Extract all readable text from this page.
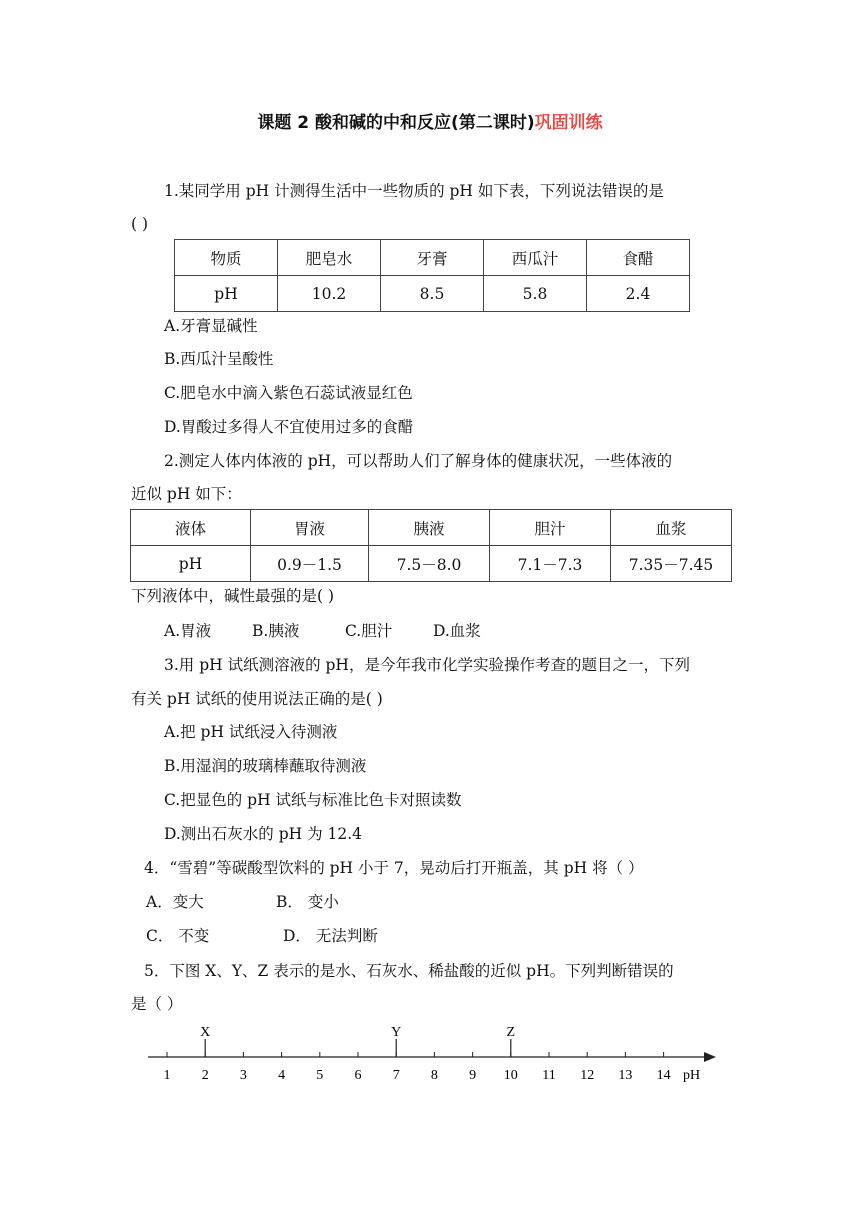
课题 2 酸和碱的中和反应(第二课时)巩固训练
1.某同学用 pH 计测得生活中一些物质的 pH 如下表，下列说法错误的是
( )
物质	肥皂水	牙膏	西瓜汁	食醋
pH	10.2	8.5	5.8	2.4
A.牙膏显碱性
B.西瓜汁呈酸性
C.肥皂水中滴入紫色石蕊试液显红色
D.胃酸过多得人不宜使用过多的食醋
2.测定人体内体液的 pH，可以帮助人们了解身体的健康状况，一些体液的
近似 pH 如下：
液体	胃液	胰液	胆汁	血浆
pH	0.9－1.5	7.5－8.0	7.1－7.3	7.35－7.45
下列液体中，碱性最强的是( )
A.胃液	B.胰液	C.胆汁	D.血浆
3.用 pH 试纸测溶液的 pH，是今年我市化学实验操作考查的题目之一，下列
有关 pH 试纸的使用说法正确的是( )
A.把 pH 试纸浸入待测液
B.用湿润的玻璃棒蘸取待测液
C.把显色的 pH 试纸与标准比色卡对照读数
D.测出石灰水的 pH 为 12.4
4．“雪碧”等碳酸型饮料的 pH 小于 7，晃动后打开瓶盖，其 pH 将（ ）
A．变大	B． 变小
C． 不变	D． 无法判断
5．下图 X、Y、Z 表示的是水、石灰水、稀盐酸的近似 pH。下列判断错误的
是（ ）
1 2 3 4 5 6 7 8 9 10 11 12 13 14
X	Y	Z
pH
